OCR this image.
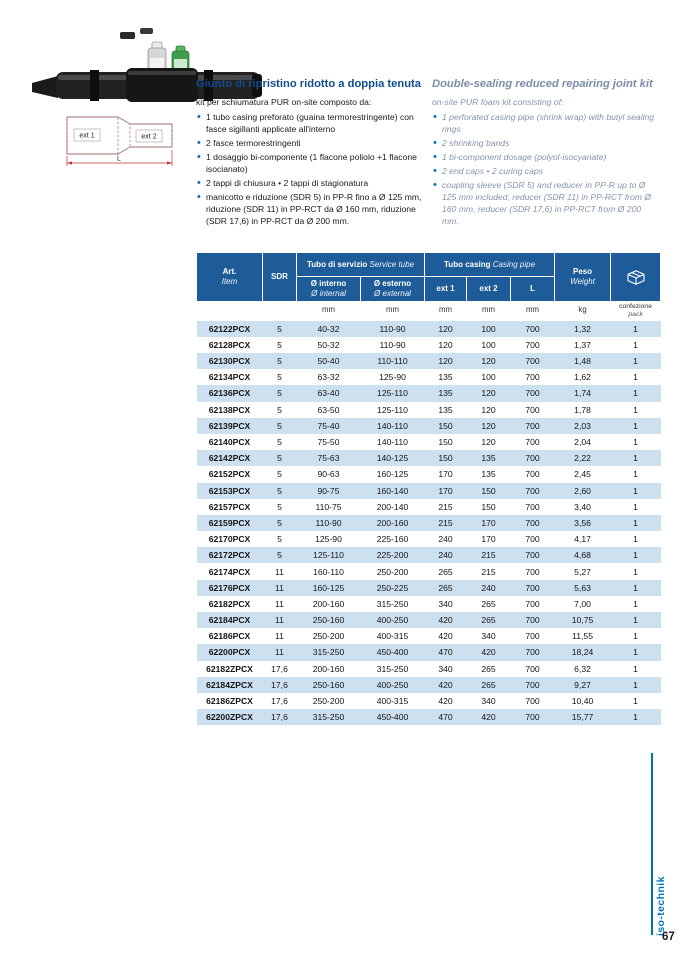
ext 1	ext 2
L
Giunto di ripristino ridotto a doppia tenuta

kit per schiumatura PUR on-site composto da:

• 1 tubo casing preforato (guaina termorestringente) con fasce sigillanti applicate all'interno
• 2 fasce termorestringenti
• 1 dosaggio bi-componente (1 flacone poliolo +1 flacone isocianato)
• 2 tappi di chiusura • 2 tappi di stagionatura
• manicotto e riduzione (SDR 5) in PP-R fino a Ø 125 mm, riduzione (SDR 11) in PP-RCT da Ø 160 mm, riduzione (SDR 17,6) in PP-RCT da Ø 200 mm.
Double-sealing reduced repairing joint kit

on-site PUR foam kit consisting of:

• 1 perforated casing pipe (shrink wrap) with butyl sealing rings
• 2 shrinking bands
• 1 bi-component dosage (polyol-isocyanate)
• 2 end caps • 2 curing caps
• coupling sleeve (SDR 5) and reducer in PP-R up to Ø 125 mm included, reducer (SDR 11) in PP-RCT from Ø 160 mm, reducer (SDR 17,6) in PP-RCT from Ø 200 mm.
Art.
Item	SDR	Tubo di servizio Service tube		Tubo casing Casing pipe			Peso
Weight	

		Ø interno
Ø internal	Ø esterno
Ø external	ext 1	ext 2	L		
		mm	mm	mm	mm	mm	kg	confezione
pack
62122PCX	5	40-32	110-90	120	100	700	1,32	1
62128PCX	5	50-32	110-90	120	100	700	1,37	1
62130PCX	5	50-40	110-110	120	120	700	1,48	1
62134PCX	5	63-32	125-90	135	100	700	1,62	1
62136PCX	5	63-40	125-110	135	120	700	1,74	1
62138PCX	5	63-50	125-110	135	120	700	1,78	1
62139PCX	5	75-40	140-110	150	120	700	2,03	1
62140PCX	5	75-50	140-110	150	120	700	2,04	1
62142PCX	5	75-63	140-125	150	135	700	2,22	1
62152PCX	5	90-63	160-125	170	135	700	2,45	1
62153PCX	5	90-75	160-140	170	150	700	2,60	1
62157PCX	5	110-75	200-140	215	150	700	3,40	1
62159PCX	5	110-90	200-160	215	170	700	3,56	1
62170PCX	5	125-90	225-160	240	170	700	4,17	1
62172PCX	5	125-110	225-200	240	215	700	4,68	1
62174PCX	11	160-110	250-200	265	215	700	5,27	1
62176PCX	11	160-125	250-225	265	240	700	5,63	1
62182PCX	11	200-160	315-250	340	265	700	7,00	1
62184PCX	11	250-160	400-250	420	265	700	10,75	1
62186PCX	11	250-200	400-315	420	340	700	11,55	1
62200PCX	11	315-250	450-400	470	420	700	18,24	1
62182ZPCX	17,6	200-160	315-250	340	265	700	6,32	1
62184ZPCX	17,6	250-160	400-250	420	265	700	9,27	1
62186ZPCX	17,6	250-200	400-315	420	340	700	10,40	1
62200ZPCX	17,6	315-250	450-400	470	420	700	15,77	1
iso-technik
67
